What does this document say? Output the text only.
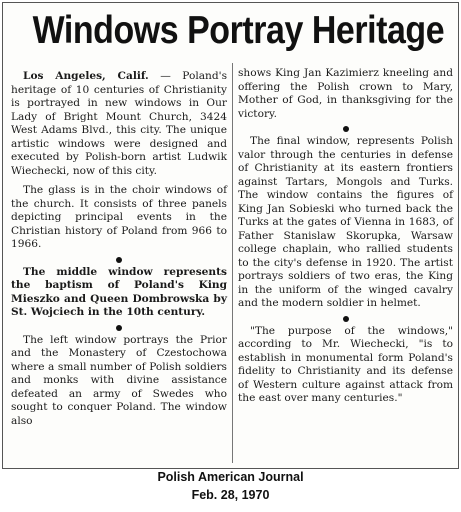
Windows Portray Heritage

Los Angeles, Calif. — Poland's heritage of 10 centuries of Christianity is portrayed in new windows in Our Lady of Bright Mount Church, 3424 West Adams Blvd., this city. The unique artistic windows were designed and executed by Polish-born artist Ludwik Wiechecki, now of this city.

The glass is in the choir windows of the church. It consists of three panels depicting principal events in the Christian history of Poland from 966 to 1966.

The middle window represents the baptism of Poland's King Mieszko and Queen Dombrowska by St. Wojciech in the 10th century.

The left window portrays the Prior and the Monastery of Czestochowa where a small number of Polish soldiers and monks with divine assistance defeated an army of Swedes who sought to conquer Poland. The window also

shows King Jan Kazimierz kneeling and offering the Polish crown to Mary, Mother of God, in thanksgiving for the victory.

The final window, represents Polish valor through the centuries in defense of Christianity at its eastern frontiers against Tartars, Mongols and Turks. The window contains the figures of King Jan Sobieski who turned back the Turks at the gates of Vienna in 1683, of Father Stanislaw Skorupka, Warsaw college chaplain, who rallied students to the city's defense in 1920. The artist portrays soldiers of two eras, the King in the uniform of the winged cavalry and the modern soldier in helmet.

"The purpose of the windows," according to Mr. Wiechecki, "is to establish in monumental form Poland's fidelity to Christianity and its defense of Western culture against attack from the east over many centuries."

Polish American Journal
Feb. 28, 1970
